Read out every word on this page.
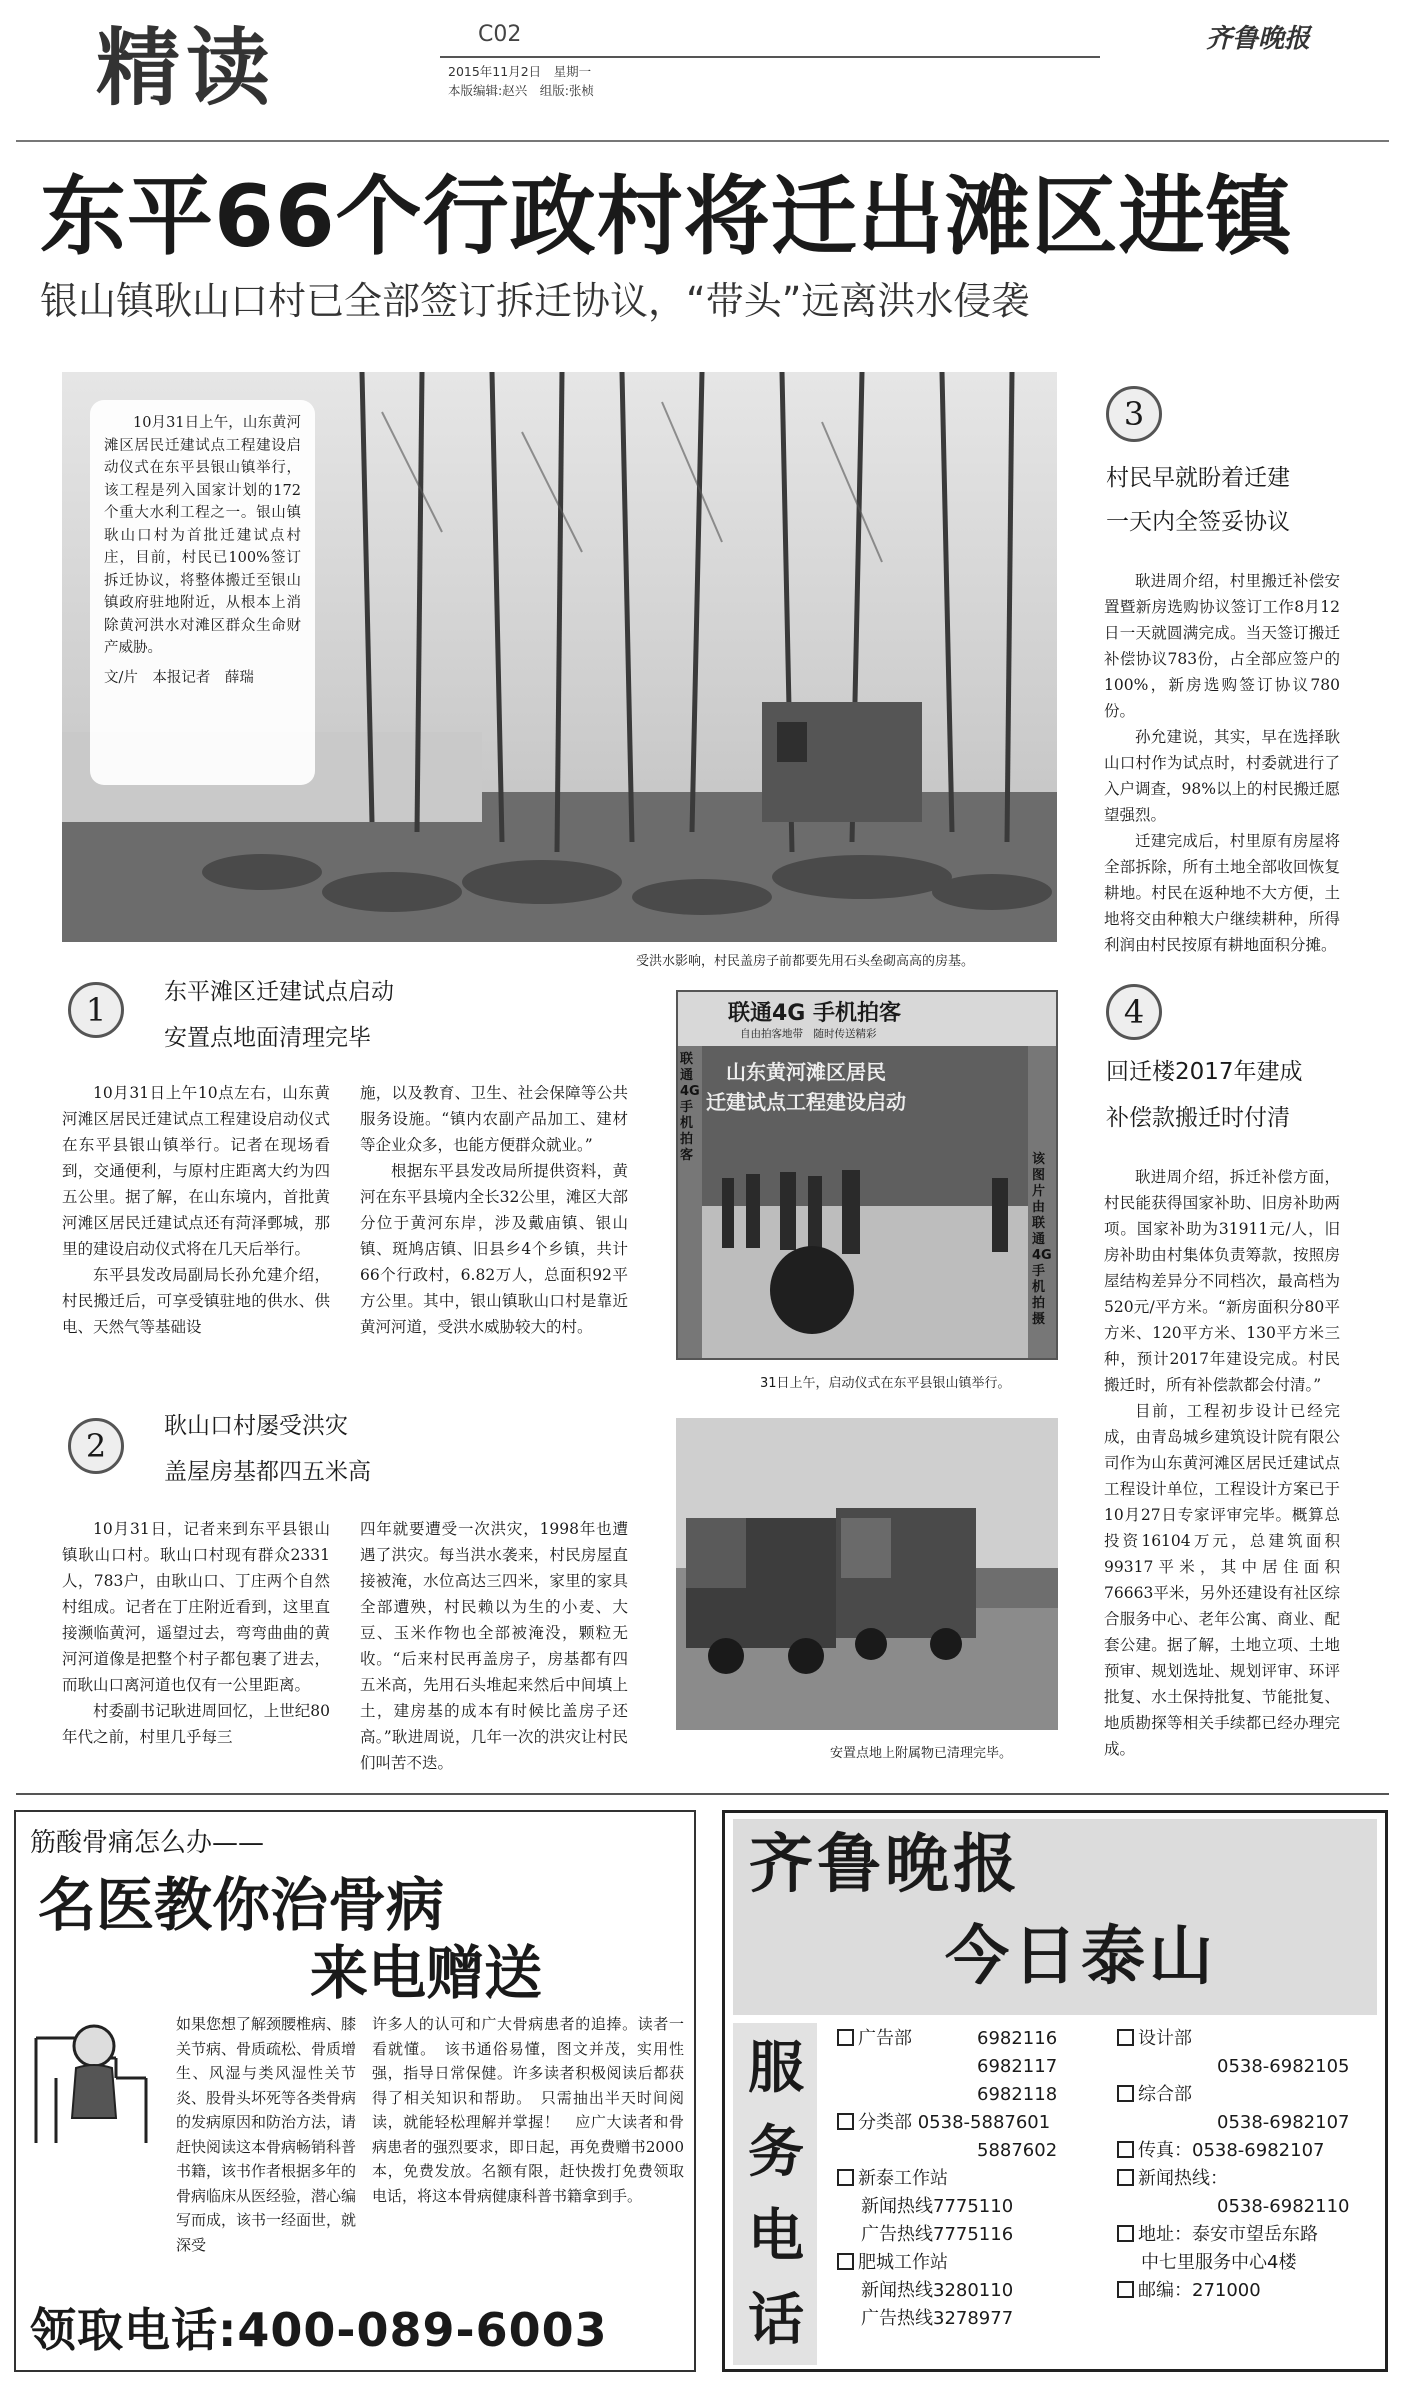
精读	C02
2015年11月2日　星期一
本版编辑:赵兴　组版:张桢
齐鲁晚报
东平66个行政村将迁出滩区进镇
银山镇耿山口村已全部签订拆迁协议，“带头”远离洪水侵袭
10月31日上午，山东黄河滩区居民迁建试点工程建设启动仪式在东平县银山镇举行，该工程是列入国家计划的172个重大水利工程之一。银山镇耿山口村为首批迁建试点村庄，目前，村民已100%签订拆迁协议，将整体搬迁至银山镇政府驻地附近，从根本上消除黄河洪水对滩区群众生命财产威胁。
文/片　本报记者　薛瑞
受洪水影响，村民盖房子前都要先用石头垒砌高高的房基。
3
村民早就盼着迁建
一天内全签妥协议

耿进周介绍，村里搬迁补偿安置暨新房选购协议签订工作8月12日一天就圆满完成。当天签订搬迁补偿协议783份，占全部应签户的100%，新房选购签订协议780份。

孙允建说，其实，早在选择耿山口村作为试点时，村委就进行了入户调查，98%以上的村民搬迁愿望强烈。

迁建完成后，村里原有房屋将全部拆除，所有土地全部收回恢复耕地。村民在返种地不大方便，土地将交由种粮大户继续耕种，所得利润由村民按原有耕地面积分摊。

1	东平滩区迁建试点启动
安置点地面清理完毕

10月31日上午10点左右，山东黄河滩区居民迁建试点工程建设启动仪式在东平县银山镇举行。记者在现场看到，交通便利，与原村庄距离大约为四五公里。据了解，在山东境内，首批黄河滩区居民迁建试点还有菏泽鄄城，那里的建设启动仪式将在几天后举行。

东平县发改局副局长孙允建介绍，村民搬迁后，可享受镇驻地的供水、供电、天然气等基础设

施，以及教育、卫生、社会保障等公共服务设施。“镇内农副产品加工、建材等企业众多，也能方便群众就业。”

根据东平县发改局所提供资料，黄河在东平县境内全长32公里，滩区大部分位于黄河东岸，涉及戴庙镇、银山镇、斑鸠店镇、旧县乡4个乡镇，共计66个行政村，6.82万人，总面积92平方公里。其中，银山镇耿山口村是靠近黄河河道，受洪水威胁较大的村。

联通4G 手机拍客
自由拍客地带　随时传送精彩
山东黄河滩区居民
迁建试点工程建设启动
联通4G手机拍客	该图片由联通4G手机拍摄
31日上午，启动仪式在东平县银山镇举行。
4
回迁楼2017年建成
补偿款搬迁时付清

耿进周介绍，拆迁补偿方面，村民能获得国家补助、旧房补助两项。国家补助为31911元/人，旧房补助由村集体负责筹款，按照房屋结构差异分不同档次，最高档为520元/平方米。“新房面积分80平方米、120平方米、130平方米三种，预计2017年建设完成。村民搬迁时，所有补偿款都会付清。”

目前，工程初步设计已经完成，由青岛城乡建筑设计院有限公司作为山东黄河滩区居民迁建试点工程设计单位，工程设计方案已于10月27日专家评审完毕。概算总投资16104万元，总建筑面积99317平米，其中居住面积76663平米，另外还建设有社区综合服务中心、老年公寓、商业、配套公建。据了解，土地立项、土地预审、规划选址、规划评审、环评批复、水土保持批复、节能批复、地质勘探等相关手续都已经办理完成。

2
耿山口村屡受洪灾
盖屋房基都四五米高

10月31日，记者来到东平县银山镇耿山口村。耿山口村现有群众2331人，783户，由耿山口、丁庄两个自然村组成。记者在丁庄附近看到，这里直接濒临黄河，遥望过去，弯弯曲曲的黄河河道像是把整个村子都包裹了进去，而耿山口离河道也仅有一公里距离。

村委副书记耿进周回忆，上世纪80年代之前，村里几乎每三

四年就要遭受一次洪灾，1998年也遭遇了洪灾。每当洪水袭来，村民房屋直接被淹，水位高达三四米，家里的家具全部遭殃，村民赖以为生的小麦、大豆、玉米作物也全部被淹没，颗粒无收。“后来村民再盖房子，房基都有四五米高，先用石头堆起来然后中间填上土，建房基的成本有时候比盖房子还高。”耿进周说，几年一次的洪灾让村民们叫苦不迭。

安置点地上附属物已清理完毕。
筋酸骨痛怎么办——
名医教你治骨病
来电赠送
如果您想了解颈腰椎病、膝关节病、骨质疏松、骨质增生、风湿与类风湿性关节炎、股骨头坏死等各类骨病的发病原因和防治方法，请赶快阅读这本骨病畅销科普书籍，该书作者根据多年的骨病临床从医经验，潜心编写而成，该书一经面世，就深受
许多人的认可和广大骨病患者的追捧。读者一看就懂。　该书通俗易懂，图文并茂，实用性强，指导日常保健。许多读者积极阅读后都获得了相关知识和帮助。　只需抽出半天时间阅读，就能轻松理解并掌握！　应广大读者和骨病患者的强烈要求，即日起，再免费赠书2000本，免费发放。名额有限，赶快拨打免费领取电话，将这本骨病健康科普书籍拿到手。
领取电话:400-089-6003
齐鲁晚报
今日泰山
服务电话
广告部	6982116
6982117
6982118
分类部 0538-5887601
5887602
新泰工作站
新闻热线7775110
广告热线7775116
肥城工作站
新闻热线3280110
广告热线3278977
设计部
0538-6982105
综合部
0538-6982107
传真：0538-6982107
新闻热线：
0538-6982110
地址：泰安市望岳东路
中七里服务中心4楼
邮编：271000
